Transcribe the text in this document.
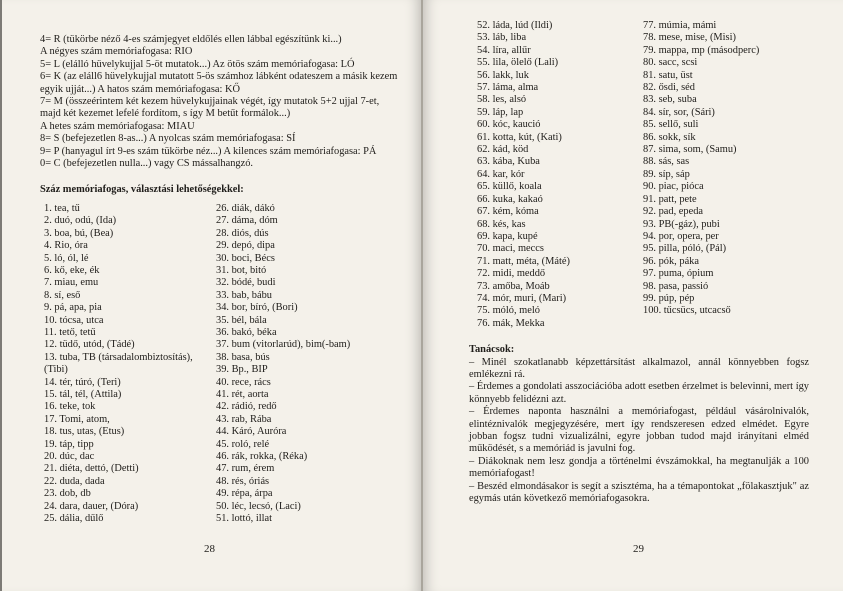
4= R (tükörbe néző 4-es számjegyet eldőlés ellen lábbal egészítünk ki...)

A négyes szám memóriafogasa: RIO

5= L (elálló hüvelykujjal 5-öt mutatok...) Az ötös szám memóriafogasa: LÓ

6= K (az eláll6 hüvelykujjal mutatott 5-ös számhoz lábként odateszem a másik kezem egyik ujját...) A hatos szám memóriafogasa: KŐ

7= M (összeérintem két kezem hüvelykujjainak végét, így mutatok 5+2 ujjal 7-et, majd két kezemet lefelé fordítom, s így M betűt formálok...)

A hetes szám memóriafogasa: MIAU

8= S (befejezetlen 8-as...) A nyolcas szám memóriafogasa: SÍ

9= P (hanyagul írt 9-es szám tükörbe néz...) A kilences szám memóriafogasa: PÁ

0= C (befejezetlen nulla...) vagy CS mássalhangzó.

Száz memóriafogas, választási lehetőségekkel:

1. tea, tű

2. duó, odú, (Ida)

3. boa, bú, (Bea)

4. Rio, óra

5. ló, ól, lé

6. kő, eke, ék

7. miau, emu

8. sí, eső

9. pá, apa, pia

10. tócsa, utca

11. tető, tetű

12. tüdő, utód, (Tádé)

13. tuba, TB (társadalombiztosítás),

(Tibi)

14. tér, túró, (Teri)

15. tál, tél, (Attila)

16. teke, tok

17. Tomi, atom,

18. tus, utas, (Etus)

19. táp, tipp

20. dúc, dac

21. diéta, dettó, (Detti)

22. duda, dada

23. dob, db

24. dara, dauer, (Dóra)

25. dália, dűlő

26. diák, dákó

27. dáma, dóm

28. diós, dús

29. depó, dipa

30. boci, Bécs

31. bot, bitó

32. bódé, budi

33. bab, bábu

34. bor, bíró, (Bori)

35. bél, bála

36. bakó, béka

37. bum (vitorlarúd), bim(-bam)

38. basa, bús

39. Bp., BIP

40. rece, rács

41. rét, aorta

42. rádió, redő

43. rab, Rába

44. Káró, Auróra

45. roló, relé

46. rák, rokka, (Réka)

47. rum, érem

48. rés, óriás

49. répa, árpa

50. léc, lecsó, (Laci)

51. lottó, illat

28

52. láda, lúd (Ildi)

53. láb, liba

54. líra, allűr

55. lila, ölelő (Lali)

56. lakk, luk

57. láma, alma

58. les, alsó

59. láp, lap

60. kóc, kaució

61. kotta, kút, (Kati)

62. kád, köd

63. kába, Kuba

64. kar, kór

65. küllő, koala

66. kuka, kakaó

67. kém, kóma

68. kés, kas

69. kapa, kupé

70. maci, meccs

71. matt, méta, (Máté)

72. midi, meddő

73. amőba, Moáb

74. mór, muri, (Mari)

75. móló, meló

76. mák, Mekka

77. múmia, mámi

78. mese, mise, (Misi)

79. mappa, mp (másodperc)

80. sacc, scsi

81. satu, üst

82. ősdi, séd

83. seb, suba

84. sír, sor, (Sári)

85. sellő, suli

86. sokk, sík

87. sima, som, (Samu)

88. sás, sas

89. síp, sáp

90. piac, pióca

91. patt, pete

92. pad, epeda

93. PB(-gáz), pubi

94. por, opera, per

95. pilla, póló, (Pál)

96. pók, páka

97. puma, ópium

98. pasa, passió

99. púp, pép

100. tűcsücs, utcacső

Tanácsok:

– Minél szokatlanabb képzettársítást alkalmazol, annál könnyebben fogsz emlékezni rá.

– Érdemes a gondolati asszociációba adott esetben érzelmet is belevinni, mert így könnyebb felidézni azt.

– Érdemes naponta használni a memóriafogast, például vásárolnivalók, elintéznivalók megjegyzésére, mert így rendszeresen edzed elmédet. Egyre jobban fogsz tudni vizualizálni, egyre jobban tudod majd irányítani elméd működését, s a memóriád is javulni fog.

– Diákoknak nem lesz gondja a történelmi évszámokkal, ha megtanulják a 100 memóriafogast!

– Beszéd elmondásakor is segít a szisztéma, ha a témapontokat „fölakasztjuk" az egymás után következő memóriafogasokra.

29
